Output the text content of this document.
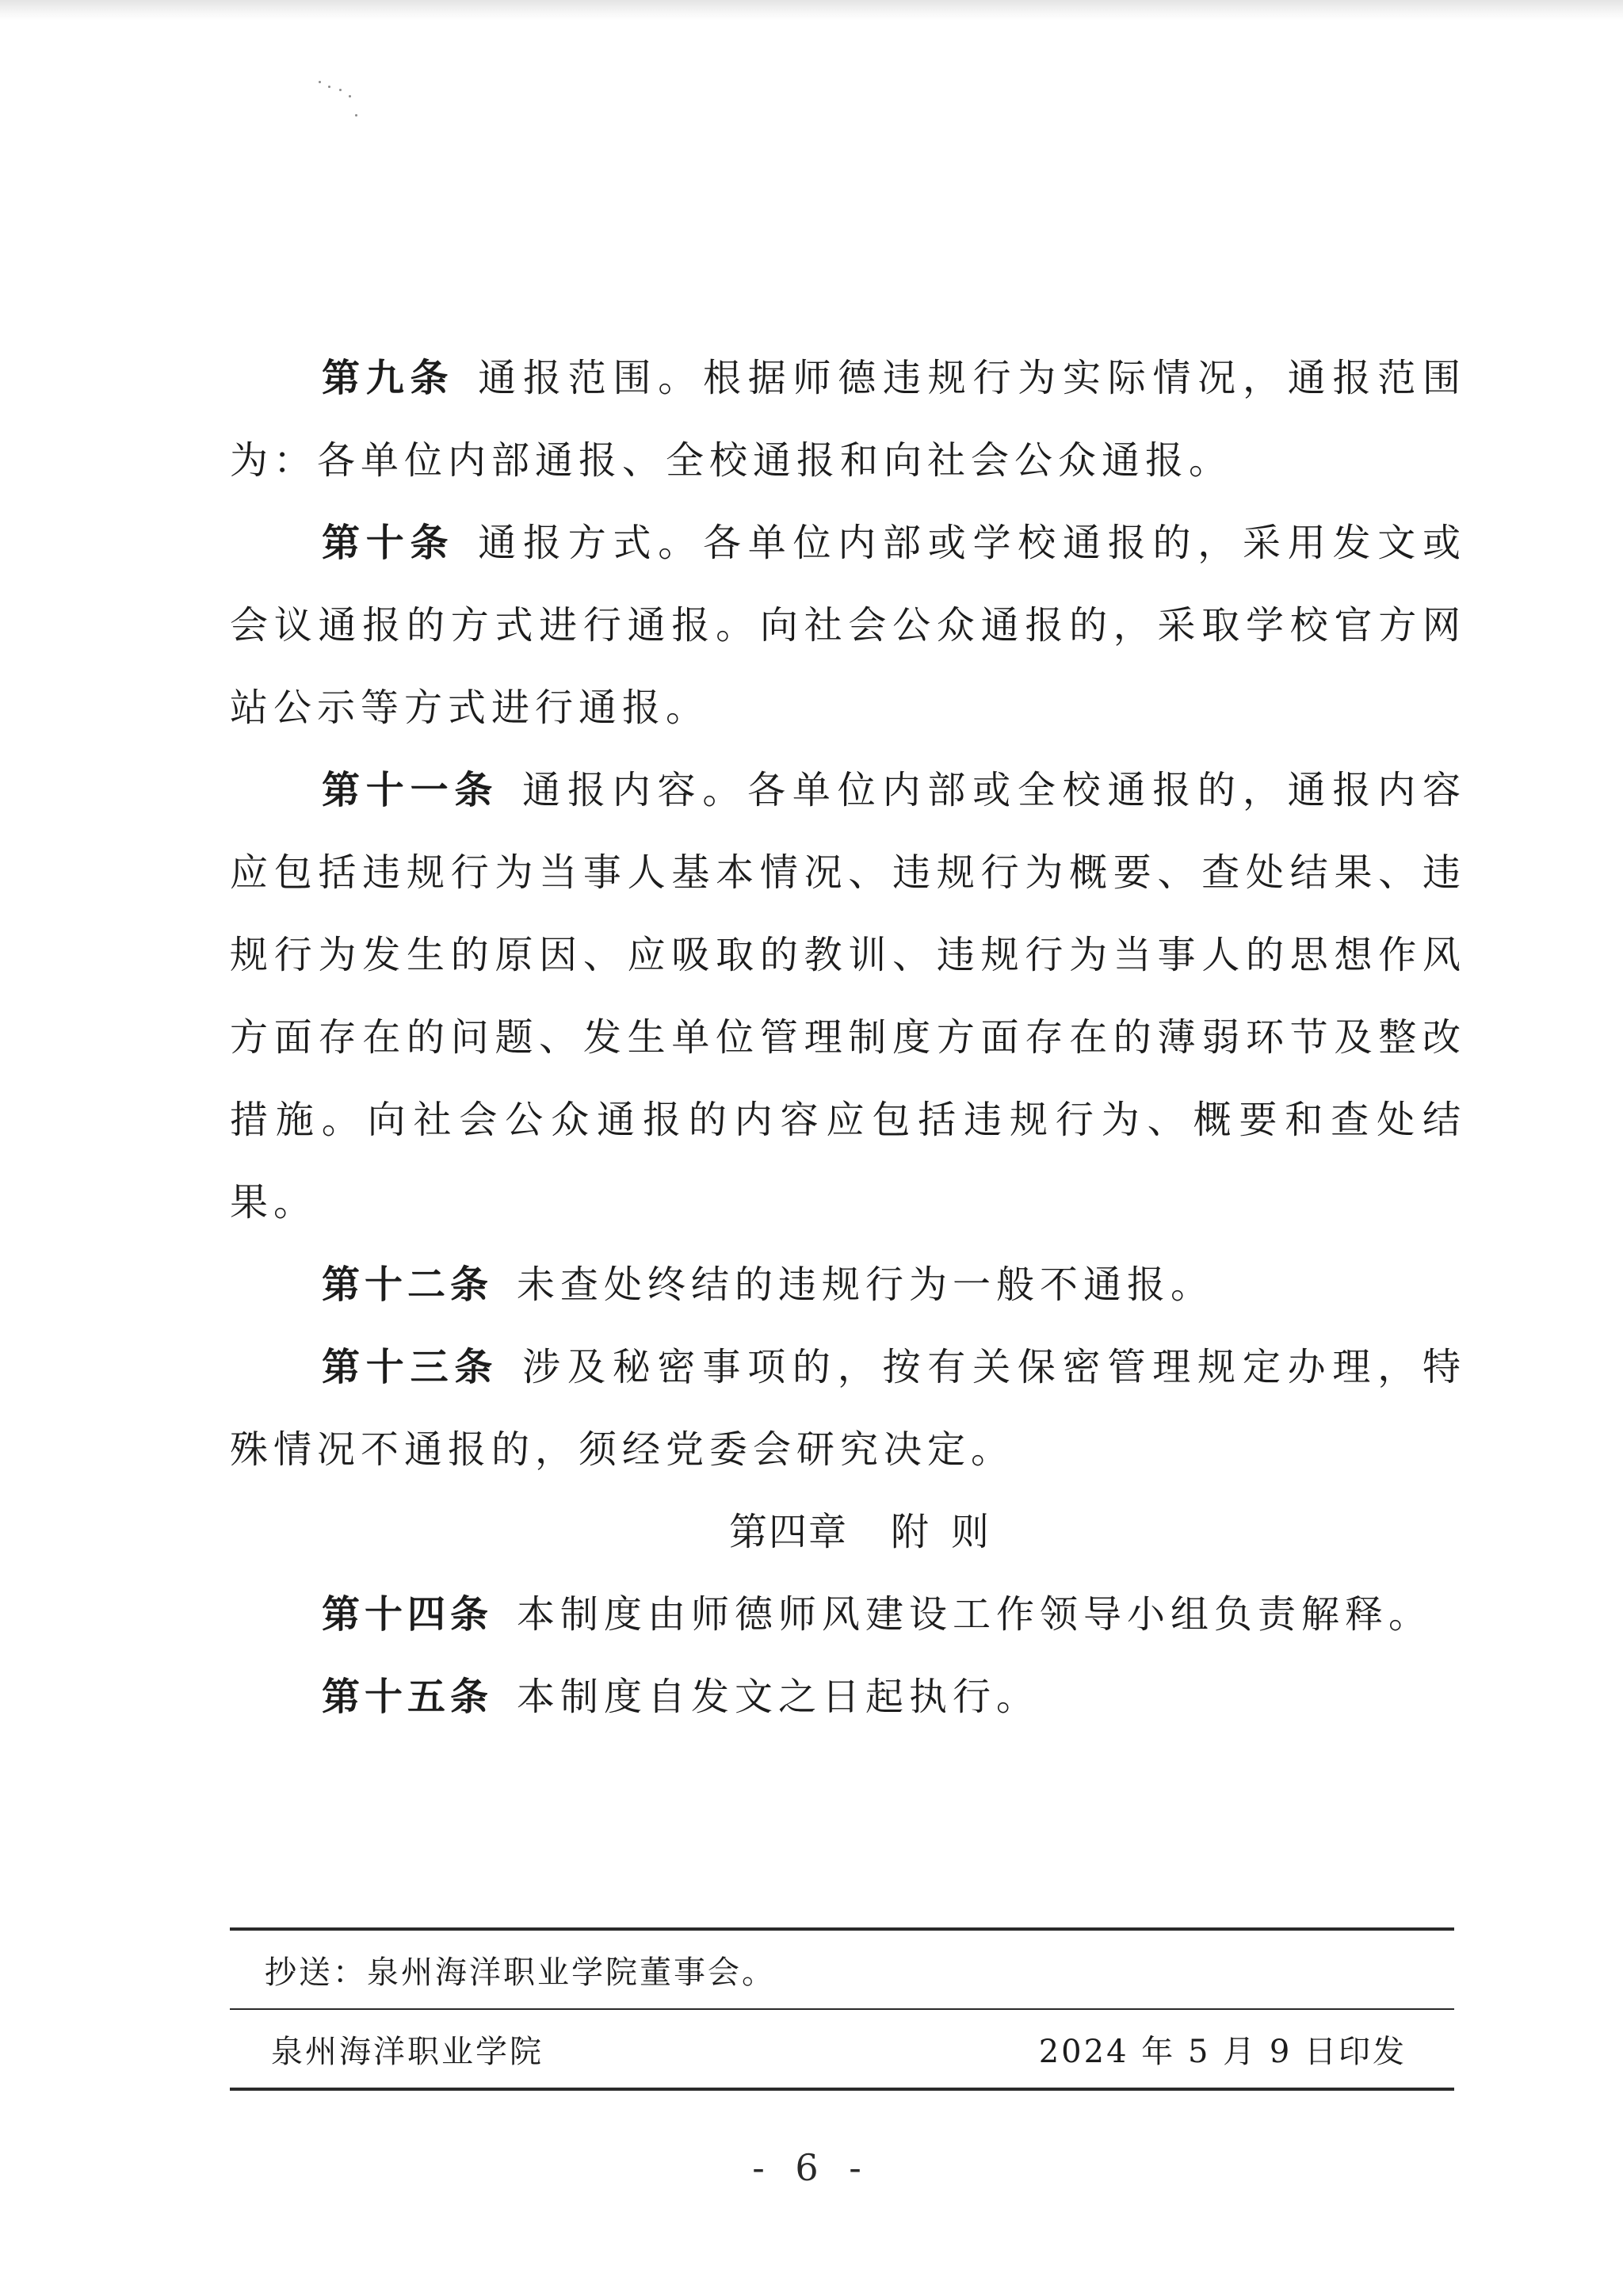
第九条 通报范围。根据师德违规行为实际情况，通报范围为：各单位内部通报、全校通报和向社会公众通报。

第十条 通报方式。各单位内部或学校通报的，采用发文或会议通报的方式进行通报。向社会公众通报的，采取学校官方网站公示等方式进行通报。

第十一条 通报内容。各单位内部或全校通报的，通报内容应包括违规行为当事人基本情况、违规行为概要、查处结果、违规行为发生的原因、应吸取的教训、违规行为当事人的思想作风方面存在的问题、发生单位管理制度方面存在的薄弱环节及整改措施。向社会公众通报的内容应包括违规行为、概要和查处结果。

第十二条 未查处终结的违规行为一般不通报。

第十三条 涉及秘密事项的，按有关保密管理规定办理，特殊情况不通报的，须经党委会研究决定。

第四章 附 则

第十四条 本制度由师德师风建设工作领导小组负责解释。

第十五条 本制度自发文之日起执行。

抄送：泉州海洋职业学院董事会。
泉州海洋职业学院	2024 年 5 月 9 日印发
- 6 -
